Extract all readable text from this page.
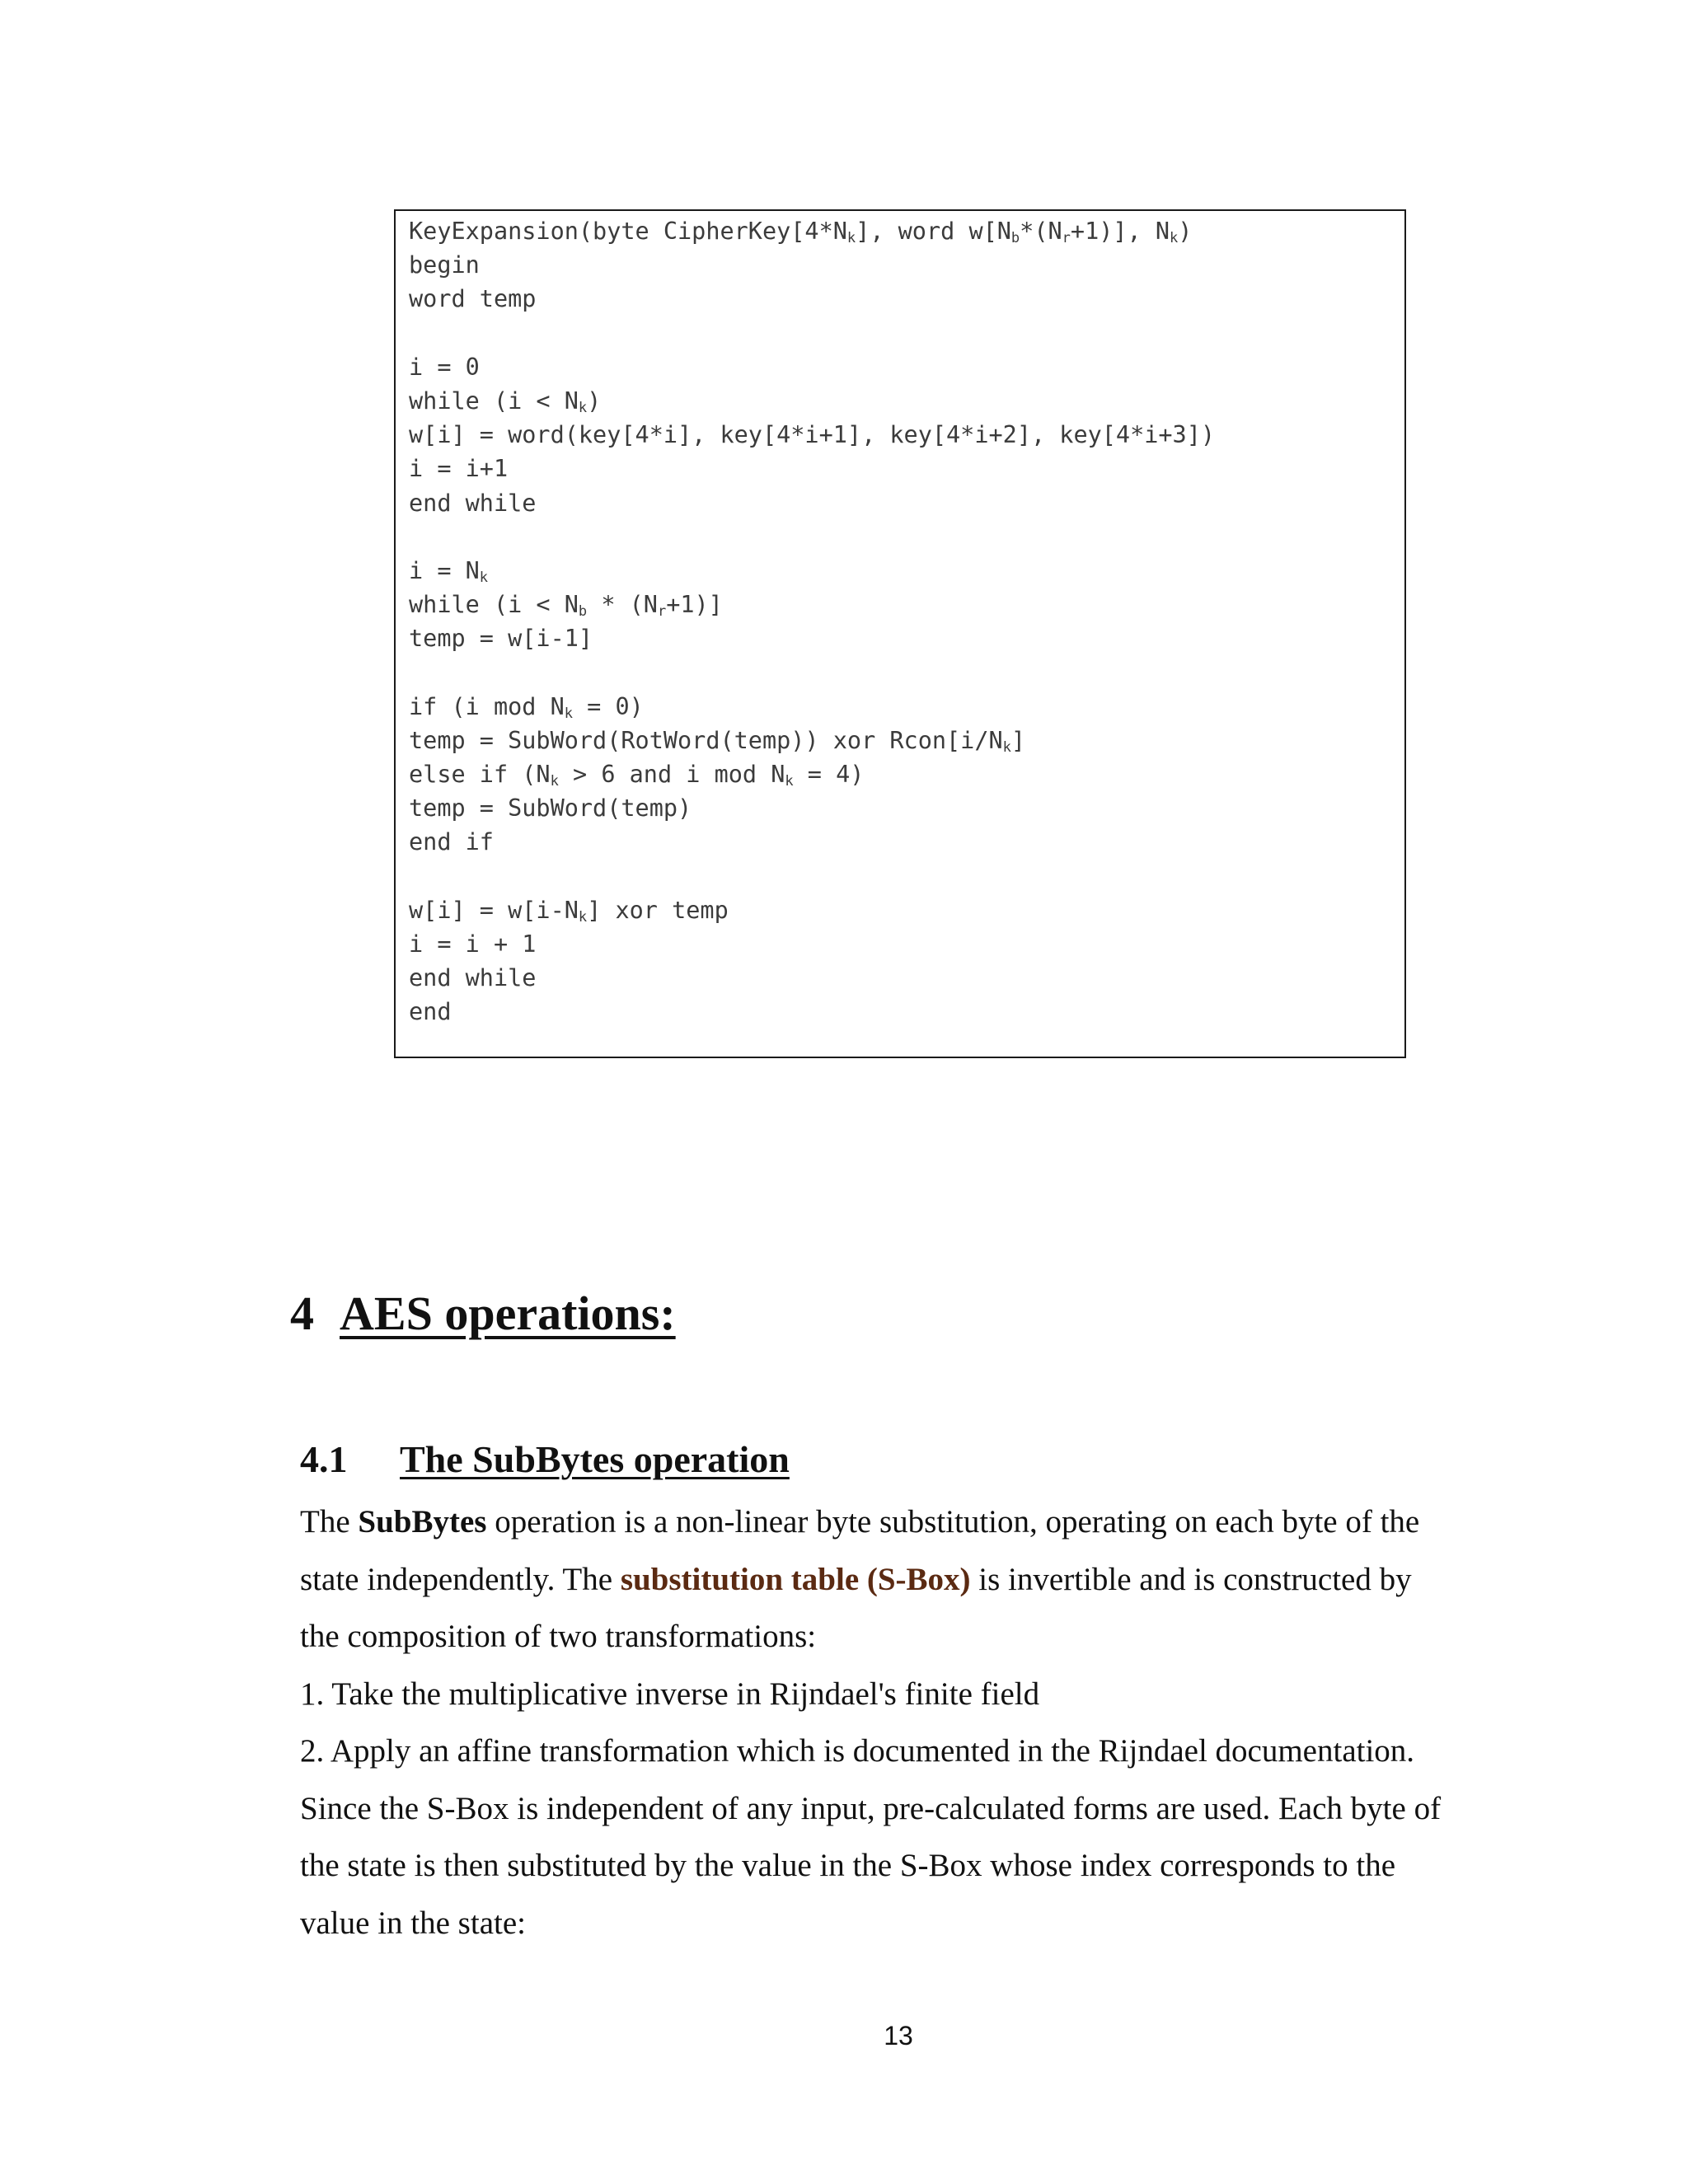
KeyExpansion(byte $CipherKey[4*N_k]$, word $w[N_b*(N_r+1)]$, $N_k$)
begin
word temp
i = 0
while $(i < N_k)$
w[i] = word(key[4*i], key[4*i+1], key[4*i+2], key[4*i+3])
i = i+1
end while
$i = N_k$
while $(i < N_b * (N_r+1)]$
temp = w[i-1]
if (i mod $N_k = 0$)
temp = SubWord(RotWord(temp)) xor $Rcon[i/N_k]$
else if ($N_k > 6$ and i mod $N_k = 4$)
temp = SubWord(temp)
end if
$w[i] = w[i-N_k]$ xor temp
i = i + 1
end while
end
4 AES operations:
4.1 The SubBytes operation
The SubBytes operation is a non-linear byte substitution, operating on each byte of the
state independently. The substitution table (S-Box) is invertible and is constructed by
the composition of two transformations:
1. Take the multiplicative inverse in Rijndael's finite field
2. Apply an affine transformation which is documented in the Rijndael documentation.
Since the S-Box is independent of any input, pre-calculated forms are used. Each byte of
the state is then substituted by the value in the S-Box whose index corresponds to the
value in the state:
13
